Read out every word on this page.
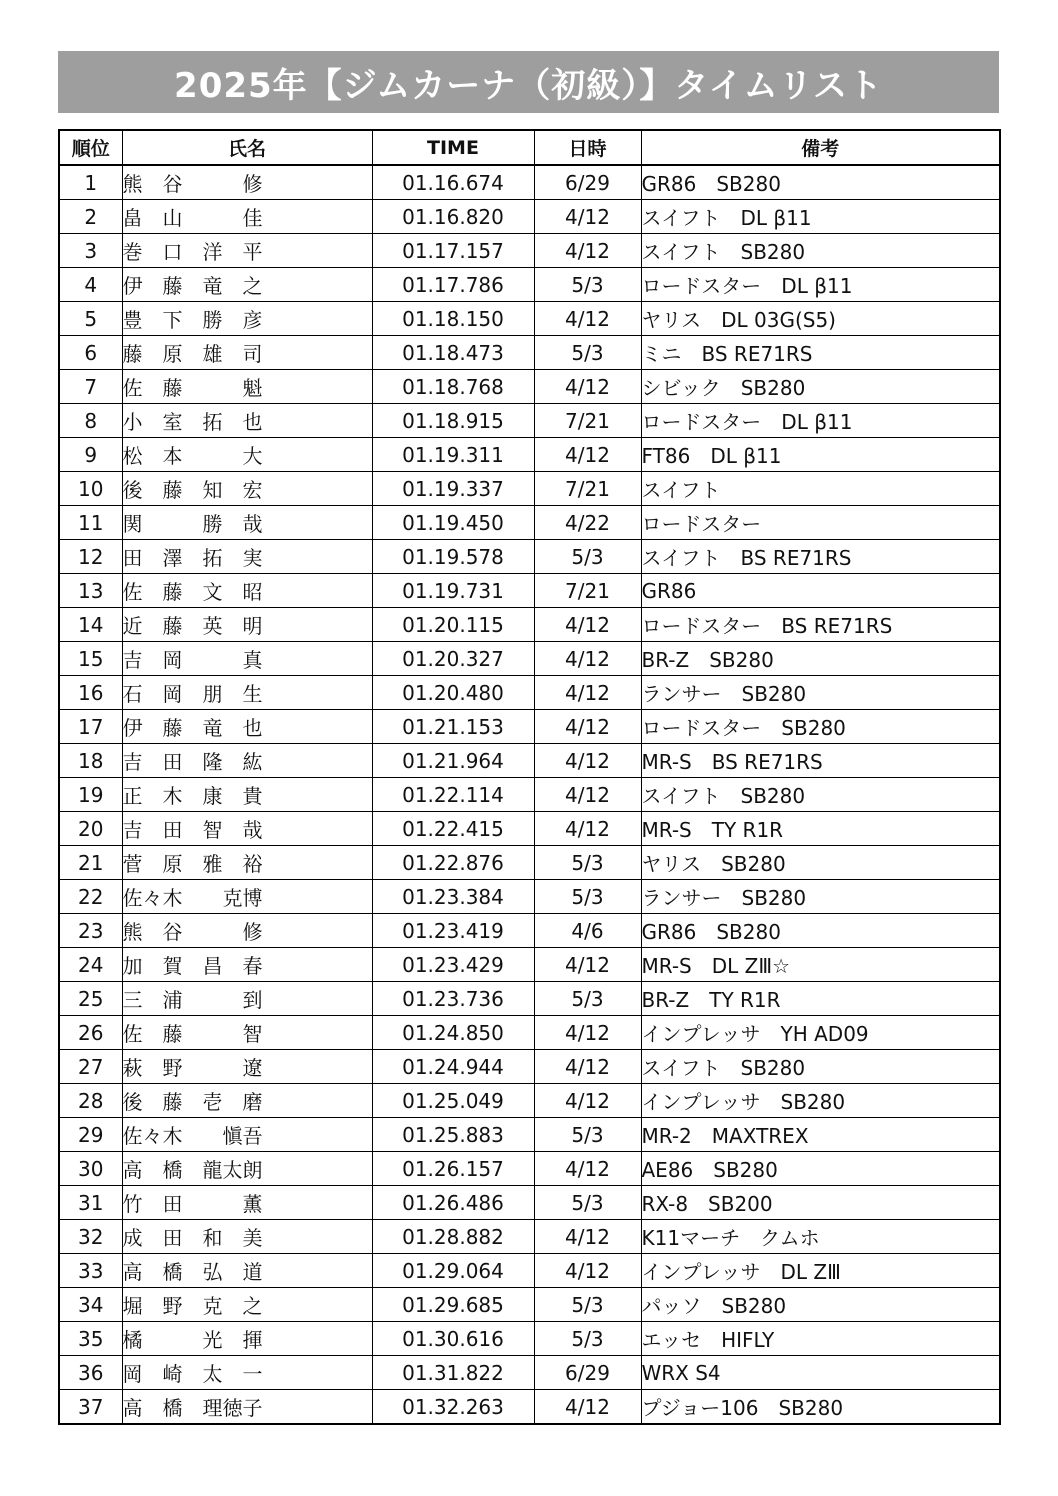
2025年【ジムカーナ（初級）】タイムリスト
順位	氏名	TIME	日時	備考
1	熊　谷　　　修	01.16.674	6/29	GR86　SB280
2	畠　山　　　佳	01.16.820	4/12	スイフト　DL β11
3	巻　口　洋　平	01.17.157	4/12	スイフト　SB280
4	伊　藤　竜　之	01.17.786	5/3	ロードスター　DL β11
5	豊　下　勝　彦	01.18.150	4/12	ヤリス　DL 03G(S5)
6	藤　原　雄　司	01.18.473	5/3	ミニ　BS RE71RS
7	佐　藤　　　魁	01.18.768	4/12	シビック　SB280
8	小　室　拓　也	01.18.915	7/21	ロードスター　DL β11
9	松　本　　　大	01.19.311	4/12	FT86　DL β11
10	後　藤　知　宏	01.19.337	7/21	スイフト
11	関　　　勝　哉	01.19.450	4/22	ロードスター
12	田　澤　拓　実	01.19.578	5/3	スイフト　BS RE71RS
13	佐　藤　文　昭	01.19.731	7/21	GR86
14	近　藤　英　明	01.20.115	4/12	ロードスター　BS RE71RS
15	吉　岡　　　真	01.20.327	4/12	BR-Z　SB280
16	石　岡　朋　生	01.20.480	4/12	ランサー　SB280
17	伊　藤　竜　也	01.21.153	4/12	ロードスター　SB280
18	吉　田　隆　紘	01.21.964	4/12	MR-S　BS RE71RS
19	正　木　康　貴	01.22.114	4/12	スイフト　SB280
20	吉　田　智　哉	01.22.415	4/12	MR-S　TY R1R
21	菅　原　雅　裕	01.22.876	5/3	ヤリス　SB280
22	佐々木　　克博	01.23.384	5/3	ランサー　SB280
23	熊　谷　　　修	01.23.419	4/6	GR86　SB280
24	加　賀　昌　春	01.23.429	4/12	MR-S　DL ZⅢ☆
25	三　浦　　　到	01.23.736	5/3	BR-Z　TY R1R
26	佐　藤　　　智	01.24.850	4/12	インプレッサ　YH AD09
27	萩　野　　　遼	01.24.944	4/12	スイフト　SB280
28	後　藤　壱　磨	01.25.049	4/12	インプレッサ　SB280
29	佐々木　　愼吾	01.25.883	5/3	MR-2　MAXTREX
30	高　橋　龍太朗	01.26.157	4/12	AE86　SB280
31	竹　田　　　薫	01.26.486	5/3	RX-8　SB200
32	成　田　和　美	01.28.882	4/12	K11マーチ　クムホ
33	高　橋　弘　道	01.29.064	4/12	インプレッサ　DL ZⅢ
34	堀　野　克　之	01.29.685	5/3	パッソ　SB280
35	橘　　　光　揮	01.30.616	5/3	エッセ　HIFLY
36	岡　崎　太　一	01.31.822	6/29	WRX S4
37	高　橋　理徳子	01.32.263	4/12	プジョー106　SB280
